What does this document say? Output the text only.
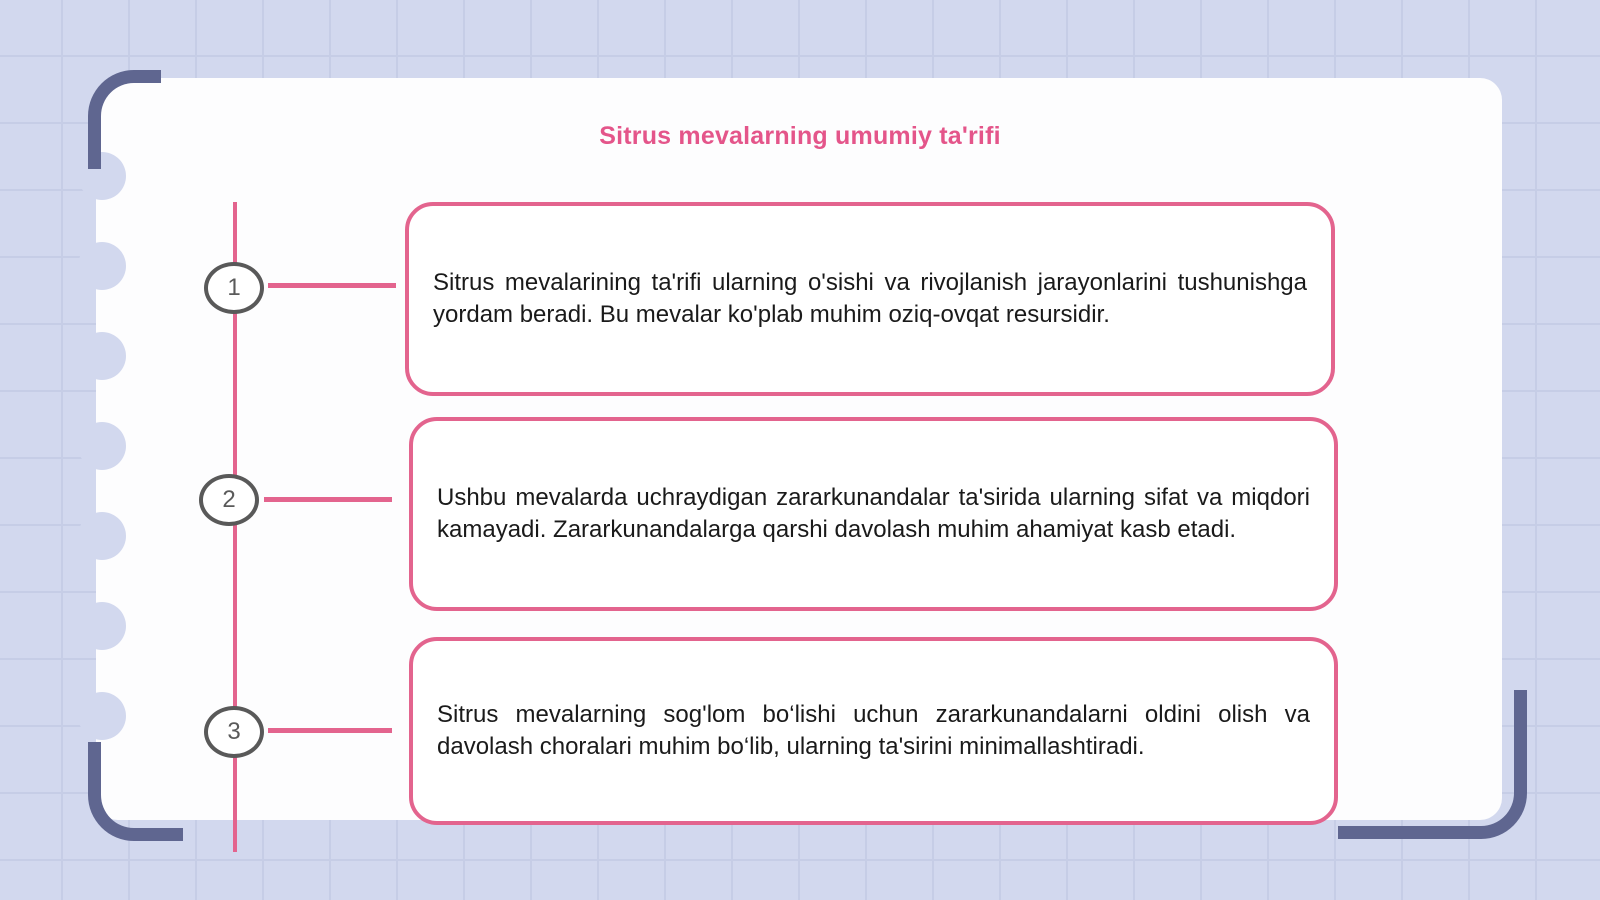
Sitrus mevalarning umumiy ta'rifi
1
2
3

Sitrus mevalarining ta'rifi ularning o'sishi va rivojlanish jarayonlarini tushunishga yordam beradi. Bu mevalar ko'plab muhim oziq-ovqat resursidir.

Ushbu mevalarda uchraydigan zararkunandalar ta'sirida ularning sifat va miqdori kamayadi. Zararkunandalarga qarshi davolash muhim ahamiyat kasb etadi.

Sitrus mevalarning sog'lom bo‘lishi uchun zararkunandalarni oldini olish va davolash choralari muhim bo‘lib, ularning ta'sirini minimallashtiradi.
